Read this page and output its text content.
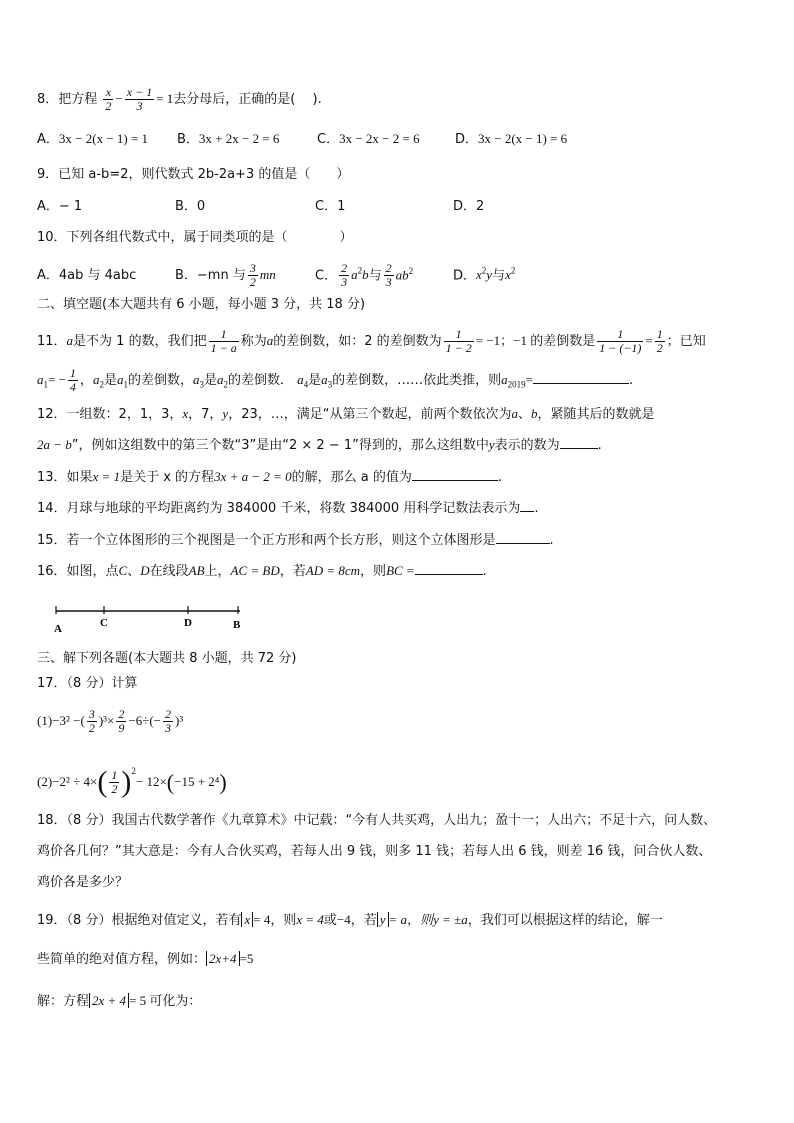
8．把方程 $\frac{x}{2} - \frac{x - 1}{3} = 1$去分母后，正确的是(　 ).
A．3x − 2(x − 1) = 1 B．3x + 2x − 2 = 6	C．3x − 2x − 2 = 6	D．3x − 2(x − 1) = 6
9．已知 a-b=2，则代数式 2b-2a+3 的值是（　　）
A．− 1	B．0	C．1	D．2
10．下列各组代数式中，属于同类项的是（　　　　）
A．4ab 与 4abc	B．−mn 与 $\frac{3}{2}$ mn	C． $\frac{2}{3} a^2b$与 $\frac{2}{3} ab^2$	D．$x^2y$与$x^2$
二、填空题(本大题共有 6 小题，每小题 3 分，共 18 分)
11．a是不为 1 的数，我们把 $\frac{1}{1 - a}$ 称为a的差倒数，如：2 的差倒数为 $\frac{1}{1 - 2} = -1$；−1 的差倒数是 $\frac{1}{1 - (-1)} = \frac{1}{2}$ ；已知
$a_1= - \frac{1}{4}$ ，$a_2$是$a_1$的差倒数，$a_3$是$a_2$的差倒数． $a_4$是$a_3$的差倒数，……依此类推，则$a_{2019}=$	.
12．一组数：2，1，3，x，7，y，23，…，满足“从第三个数起，前两个数依次为a、b，紧随其后的数就是
2a − b”，例如这组数中的第三个数“3”是由“2 × 2 − 1”得到的，那么这组数中y表示的数为	.
13．如果x = 1是关于 x 的方程3x + a − 2 = 0的解，那么 a 的值为	.
14．月球与地球的平均距离约为 384000 千米，将数 384000 用科学记数法表示为 .
15．若一个立体图形的三个视图是一个正方形和两个长方形，则这个立体图形是	.
16．如图，点C、D在线段AB上，AC = BD，若AD = 8cm，则BC =	.
A	C	D	B
三、解下列各题(本大题共 8 小题，共 72 分)
17．（8 分）计算
(1)−3² −( $\frac{3}{2} )^3\times \frac{2}{9} -6\div(- \frac{2}{3} )^3$
$(2)-2^2 \div 4\times( \frac{1}{2} )^2- 12\times(-15 + 2^4)$
18．（8 分）我国古代数学著作《九章算术》中记载：“今有人共买鸡，人出九；盈十一；人出六；不足十六，问人数、
鸡价各几何？”其大意是：今有人合伙买鸡，若每人出 9 钱，则多 11 钱；若每人出 6 钱，则差 16 钱，问合伙人数、
鸡价各是多少？
19．（8 分）根据绝对值定义，若有 x = 4，则x = 4或−4，若 y = a，则y = ±a，我们可以根据这样的结论，解一
些简单的绝对值方程，例如： 2x+4 =5
解：方程 2x + 4 = 5 可化为：
